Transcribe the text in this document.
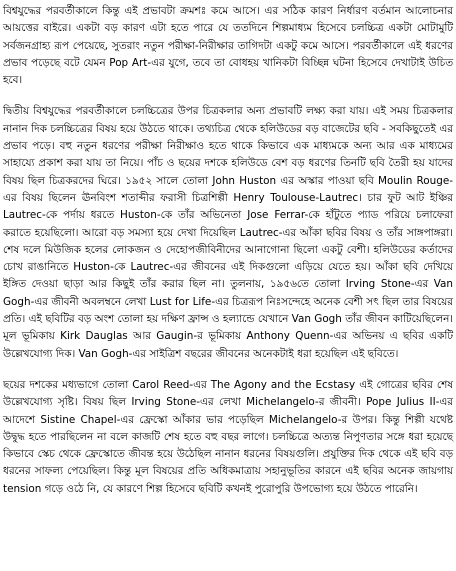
বিশ্বযুদ্ধের পরবর্তীকালে কিন্তু এই প্রভাবটা ক্রমশঃ কমে আসে। এর সঠিক কারণ নির্ধারণ বর্তমান আলোচনার আয়ত্তের বাইরে। একটা বড় কারণ এটা হতে পারে যে ততদিনে শিল্পমাধ্যম হিসেবে চলচ্চিত্র একটা মোটামুটি সর্বজনগ্রাহ্য রূপ পেয়েছে, সুতরাং নতুন পরীক্ষা-নিরীক্ষার তাগিদটা একটু কমে আসে। পরবর্তীকালে এই ধরণের প্রভাব পড়েছে বটে যেমন Pop Art-এর যুগে, তবে তা বোধহয় খানিকটা বিচ্ছিন্ন ঘটনা হিসেবে দেখাটাই উচিত হবে।

দ্বিতীয় বিশ্বযুদ্ধের পরবর্তীকালে চলচ্চিত্রের উপর চিত্রকলার অন্য প্রভাবটি লক্ষ্য করা যায়। এই সময় চিত্রকলার নানান দিক চলচ্চিত্রের বিষয় হয়ে উঠতে থাকে। তথ্যচিত্র থেকে হলিউডের বড় বাজেটের ছবি - সবকিছুতেই এর প্রভাব পড়ে। বহু নতুন ধরণের পরীক্ষা নিরীক্ষাও হতে থাকে কিভাবে এক মাধ্যমকে অন্য আর এক মাধ্যমের সাহায্যে প্রকাশ করা যায় তা নিয়ে। পাঁচ ও ছয়ের দশকে হলিউডে বেশ বড় ধরণের তিনটি ছবি তৈরী হয় যাদের বিষয় ছিল চিত্রকরদের ঘিরে। ১৯৫২ সালে তোলা John Huston এর অস্কার পাওয়া ছবি Moulin Rouge-এর বিষয় ছিলেন ঊনবিংশ শতাব্দীর ফরাসী চিত্রশিল্পী Henry Toulouse-Lautrec। চার ফুট আট ইঞ্চির Lautrec-কে পর্দায় ধরতে Huston-কে তাঁর অভিনেতা Jose Ferrar-কে হাঁটুতে প্যাড পরিয়ে চলাফেরা করাতে হয়েছিলো। আরো বড় সমস্যা হয়ে দেখা দিয়েছিল Lautrec-এর আঁকা ছবির বিষয় ও তাঁর সাঙ্গপাঙ্গরা। শেষ দলে মিউজিক হলের লোকজন ও দেহোপজীবিনীদের আনাগোনা ছিলো একটু বেশী। হলিউডের কর্তাদের চোখ রাঙানিতে Huston-কে Lautrec-এর জীবনের এই দিকগুলো এড়িয়ে যেতে হয়। আঁকা ছবি দেখিয়ে ইঙ্গিত দেওয়া ছাড়া আর কিছুই তাঁর করার ছিল না। তুলনায়, ১৯৫৬তে তোলা Irving Stone-এর Van Gogh-এর জীবনী অবলম্বনে লেখা Lust for Life-এর চিত্ররূপ নিঃসন্দেহে অনেক বেশী সৎ ছিল তার বিষয়ের প্রতি। এই ছবিটির বড় অংশ তোলা হয় দক্ষিণ ফ্রান্স ও হল্যান্ডে যেখানে Van Gogh তাঁর জীবন কাটিয়েছিলেন। মূল ভূমিকায় Kirk Dauglas আর Gaugin-র ভূমিকায় Anthony Quenn-এর অভিনয় এ ছবির একটি উল্লেখযোগ্য দিক। Van Gogh-এর সাইত্রিশ বছরের জীবনের অনেকটাই ধরা হয়েছিল এই ছবিতে।

ছয়ের দশকের মধ্যভাগে তোলা Carol Reed-এর The Agony and the Ecstasy এই গোত্রের ছবির শেষ উল্লেখযোগ্য সৃষ্টি। বিষয় ছিল Irving Stone-এর লেখা Michelangelo-র জীবনী। Pope Julius II-এর আদেশে Sistine Chapel-এর ফ্রেস্কো আঁকার ভার পড়েছিল Michelangelo-র উপর। কিন্তু শিল্পী যথেষ্ট উদ্বুদ্ধ হতে পারছিলেন না বলে কাজটি শেষ হতে বহু বছর লাগে। চলচ্চিত্রে অত্যন্ত নিপুণতার সঙ্গে ধরা হয়েছে কিভাবে স্কেচ থেকে ফ্রেস্কোতে জীবন্ত হয়ে উঠেছিল নানান ধরনের বিষয়গুলি। প্রযুক্তির দিক থেকে এই ছবি বড় ধরনের সাফল্য পেয়েছিল। কিন্তু মূল বিষয়ের প্রতি অধিকমাত্রায় সহানুভূতির কারনে এই ছবির অনেক জায়গায় tension গড়ে ওঠে নি, যে কারণে শিল্প হিসেবে ছবিটি কখনই পুরোপুরি উপভোগ্য হয়ে উঠতে পারেনি।
